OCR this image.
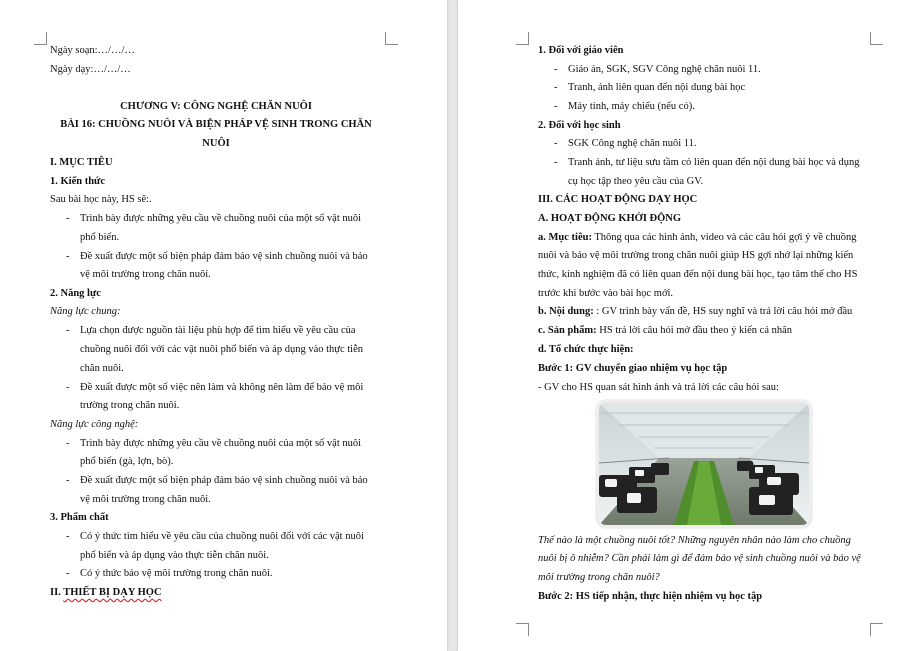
Ngày soạn:…/…/…
Ngày dạy:…/…/…
CHƯƠNG V: CÔNG NGHỆ CHĂN NUÔI
BÀI 16: CHUỒNG NUÔI VÀ BIỆN PHÁP VỆ SINH TRONG CHĂN
NUÔI
I. MỤC TIÊU
1. Kiến thức
Sau bài học này, HS sẽ:.
- Trình bày được những yêu cầu về chuồng nuôi của một số vật nuôi
phổ biến.
- Đề xuất được một số biện pháp đảm bảo vệ sinh chuồng nuôi và bảo
vệ môi trường trong chăn nuôi.
2. Năng lực
Năng lực chung:
- Lựa chọn được nguồn tài liệu phù hợp để tìm hiểu về yêu cầu của
chuồng nuôi đối với các vật nuôi phổ biến và áp dụng vào thực tiễn
chăn nuôi.
- Đề xuất được một số việc nên làm và không nên làm để bảo vệ môi
trường trong chăn nuôi.
Năng lực công nghệ:
- Trình bày được những yêu cầu về chuồng nuôi của một số vật nuôi
phổ biến (gà, lợn, bò).
- Đề xuất được một số biện pháp đảm bảo vệ sinh chuồng nuôi và bảo
vệ môi trường trong chăn nuôi.
3. Phẩm chất
- Có ý thức tìm hiểu về yêu cầu của chuồng nuôi đối với các vật nuôi
phổ biến và áp dụng vào thực tiễn chăn nuôi.
- Có ý thức bảo vệ môi trường trong chăn nuôi.
II. THIẾT BỊ DẠY HỌC
1. Đối với giáo viên
- Giáo án, SGK, SGV Công nghệ chăn nuôi 11.
- Tranh, ảnh liên quan đến nội dung bài học
- Máy tính, máy chiếu (nếu có).
2. Đối với học sinh
- SGK Công nghệ chăn nuôi 11.
- Tranh ảnh, tư liệu sưu tầm có liên quan đến nội dung bài học và dụng
cụ học tập theo yêu cầu của GV.
III. CÁC HOẠT ĐỘNG DẠY HỌC
A. HOẠT ĐỘNG KHỞI ĐỘNG
a. Mục tiêu: Thông qua các hình ảnh, video và các câu hỏi gợi ý về chuồng
nuôi và bảo vệ môi trường trong chăn nuôi giúp HS gợi nhớ lại những kiến
thức, kinh nghiệm đã có liên quan đến nội dung bài học, tạo tâm thế cho HS
trước khi bước vào bài học mới.
b. Nội dung: : GV trình bày vấn đề, HS suy nghĩ và trả lời câu hỏi mở đầu
c. Sản phẩm: HS trả lời câu hỏi mở đầu theo ý kiến cá nhân
d. Tổ chức thực hiện:
Bước 1: GV chuyển giao nhiệm vụ học tập
- GV cho HS quan sát hình ảnh và trả lời các câu hỏi sau:
Thế nào là một chuồng nuôi tốt? Những nguyên nhân nào làm cho chuồng
nuôi bị ô nhiễm? Cần phải làm gì để đảm bảo vệ sinh chuồng nuôi và bảo vệ
môi trường trong chăn nuôi?
Bước 2: HS tiếp nhận, thực hiện nhiệm vụ học tập
